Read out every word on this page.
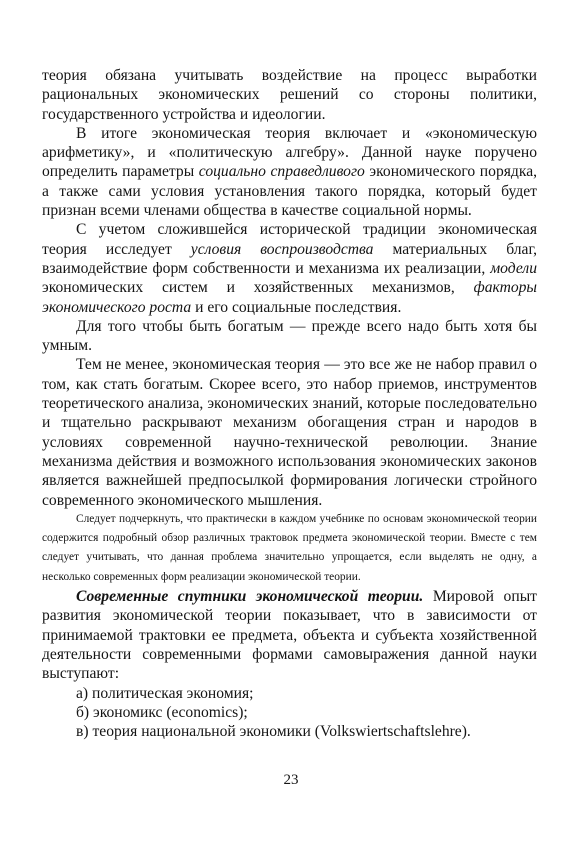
теория обязана учитывать воздействие на процесс выработки рациональных экономических решений со стороны политики, государственного устройства и идеологии.

В итоге экономическая теория включает и «экономическую арифметику», и «политическую алгебру». Данной науке поручено определить параметры социально справедливого экономического порядка, а также сами условия установления такого порядка, который будет признан всеми членами общества в качестве социальной нормы.

С учетом сложившейся исторической традиции экономическая теория исследует условия воспроизводства материальных благ, взаимодействие форм собственности и механизма их реализации, модели экономических систем и хозяйственных механизмов, факторы экономического роста и его социальные последствия.

Для того чтобы быть богатым — прежде всего надо быть хотя бы умным.

Тем не менее, экономическая теория — это все же не набор правил о том, как стать богатым. Скорее всего, это набор приемов, инструментов теоретического анализа, экономических знаний, которые последовательно и тщательно раскрывают механизм обогащения стран и народов в условиях современной научно-технической революции. Знание механизма действия и возможного использования экономических законов является важнейшей предпосылкой формирования логически стройного современного экономического мышления.

Следует подчеркнуть, что практически в каждом учебнике по основам экономической теории содержится подробный обзор различных трактовок предмета экономической теории. Вместе с тем следует учитывать, что данная проблема значительно упрощается, если выделять не одну, а несколько современных форм реализации экономической теории.

Современные спутники экономической теории. Мировой опыт развития экономической теории показывает, что в зависимости от принимаемой трактовки ее предмета, объекта и субъекта хозяйственной деятельности современными формами самовыражения данной науки выступают:

а) политическая экономия;

б) экономикс (economics);

в) теория национальной экономики (Volkswiertschaftslehre).

23
